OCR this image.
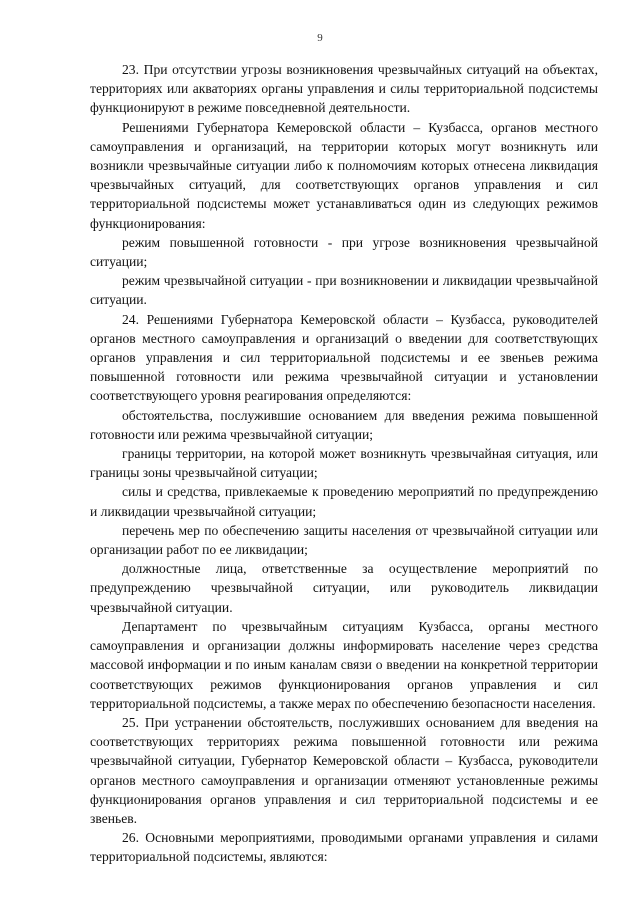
9

23. При отсутствии угрозы возникновения чрезвычайных ситуаций на объектах, территориях или акваториях органы управления и силы территориальной подсистемы функционируют в режиме повседневной деятельности.

Решениями Губернатора Кемеровской области – Кузбасса, органов местного самоуправления и организаций, на территории которых могут возникнуть или возникли чрезвычайные ситуации либо к полномочиям которых отнесена ликвидация чрезвычайных ситуаций, для соответствующих органов управления и сил территориальной подсистемы может устанавливаться один из следующих режимов функционирования:

режим повышенной готовности - при угрозе возникновения чрезвычайной ситуации;

режим чрезвычайной ситуации - при возникновении и ликвидации чрезвычайной ситуации.

24. Решениями Губернатора Кемеровской области – Кузбасса, руководителей органов местного самоуправления и организаций о введении для соответствующих органов управления и сил территориальной подсистемы и ее звеньев режима повышенной готовности или режима чрезвычайной ситуации и установлении соответствующего уровня реагирования определяются:

обстоятельства, послужившие основанием для введения режима повышенной готовности или режима чрезвычайной ситуации;

границы территории, на которой может возникнуть чрезвычайная ситуация, или границы зоны чрезвычайной ситуации;

силы и средства, привлекаемые к проведению мероприятий по предупреждению и ликвидации чрезвычайной ситуации;

перечень мер по обеспечению защиты населения от чрезвычайной ситуации или организации работ по ее ликвидации;

должностные лица, ответственные за осуществление мероприятий по предупреждению чрезвычайной ситуации, или руководитель ликвидации чрезвычайной ситуации.

Департамент по чрезвычайным ситуациям Кузбасса, органы местного самоуправления и организации должны информировать население через средства массовой информации и по иным каналам связи о введении на конкретной территории соответствующих режимов функционирования органов управления и сил территориальной подсистемы, а также мерах по обеспечению безопасности населения.

25. При устранении обстоятельств, послуживших основанием для введения на соответствующих территориях режима повышенной готовности или режима чрезвычайной ситуации, Губернатор Кемеровской области – Кузбасса, руководители органов местного самоуправления и организации отменяют установленные режимы функционирования органов управления и сил территориальной подсистемы и ее звеньев.

26. Основными мероприятиями, проводимыми органами управления и силами территориальной подсистемы, являются:
